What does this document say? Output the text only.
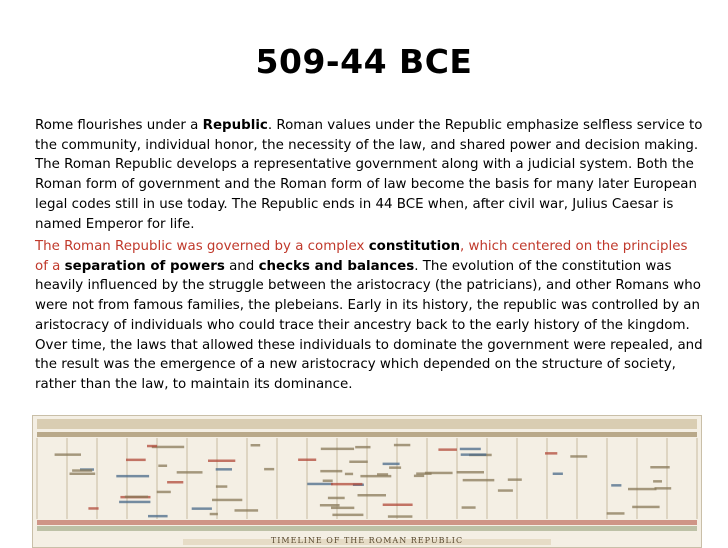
509-44 BCE

Rome flourishes under a Republic. Roman values under the Republic emphasize selfless service to the community, individual honor, the necessity of the law, and shared power and decision making. The Roman Republic develops a representative government along with a judicial system. Both the Roman form of government and the Roman form of law become the basis for many later European legal codes still in use today. The Republic ends in 44 BCE when, after civil war, Julius Caesar is named Emperor for life.

The Roman Republic was governed by a complex constitution, which centered on the principles of a separation of powers and checks and balances. The evolution of the constitution was heavily influenced by the struggle between the aristocracy (the patricians), and other Romans who were not from famous families, the plebeians. Early in its history, the republic was controlled by an aristocracy of individuals who could trace their ancestry back to the early history of the kingdom. Over time, the laws that allowed these individuals to dominate the government were repealed, and the result was the emergence of a new aristocracy which depended on the structure of society, rather than the law, to maintain its dominance.

TIMELINE OF THE ROMAN REPUBLIC
